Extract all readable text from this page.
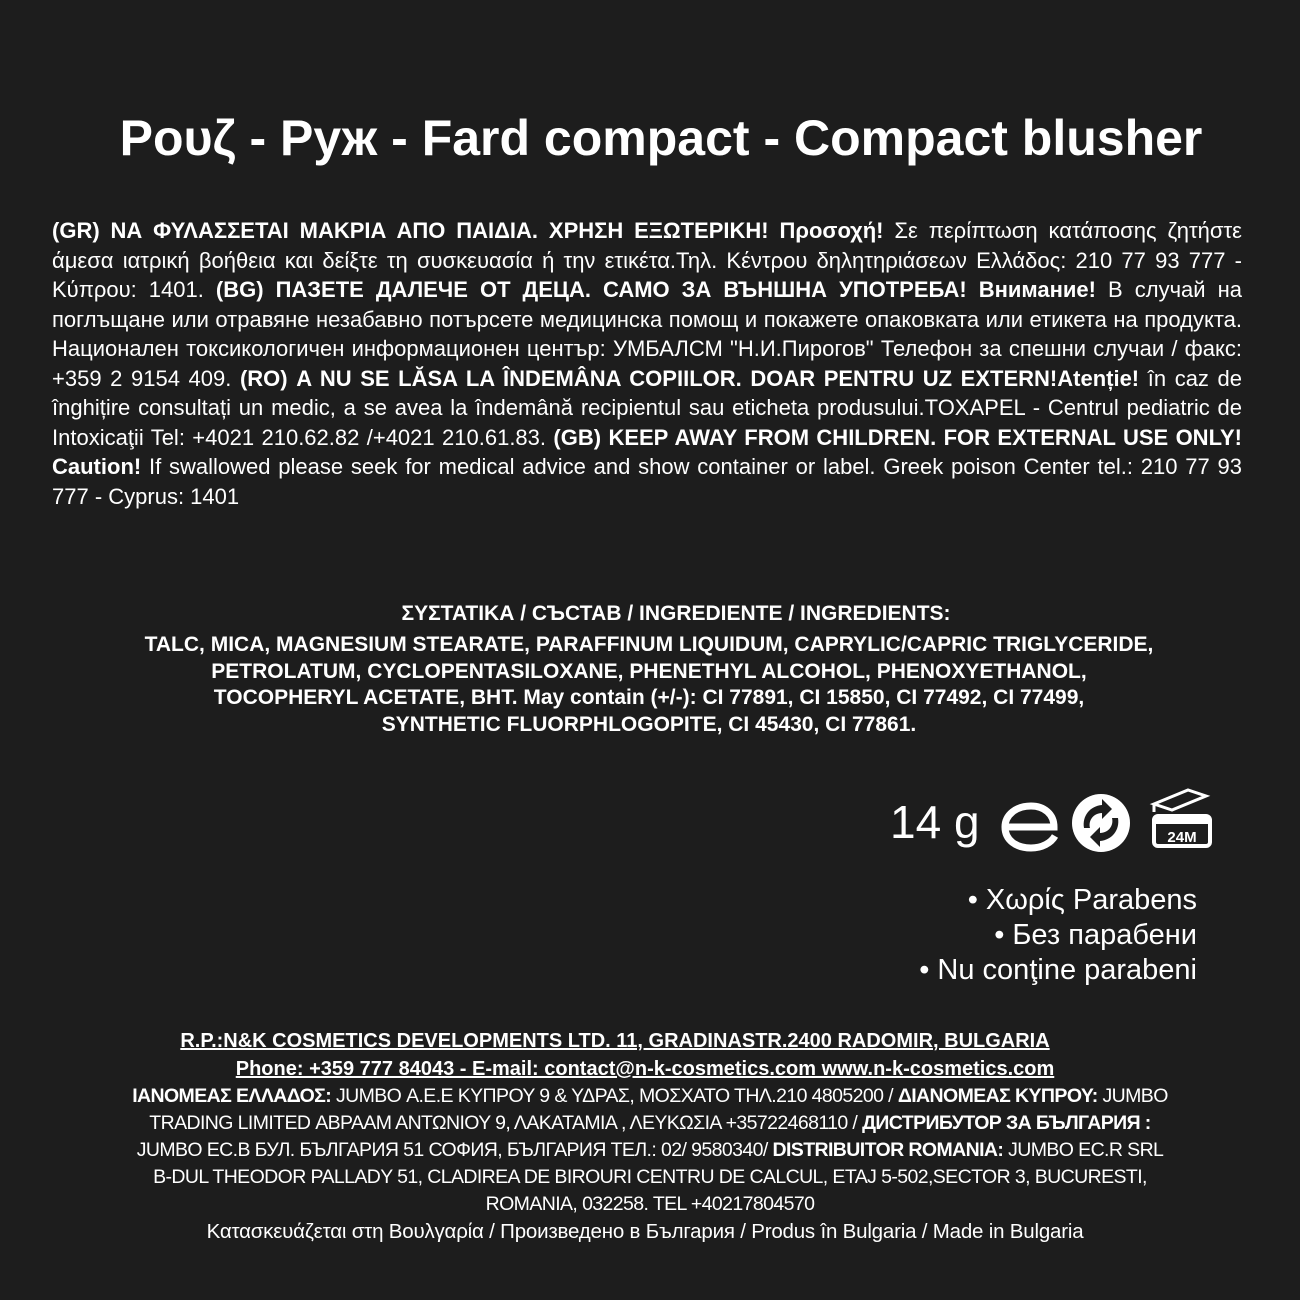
Ρουζ - Руж - Fard compact - Compact blusher
(GR) ΝΑ ΦΥΛΑΣΣΕΤΑΙ ΜΑΚΡΙΑ ΑΠΟ ΠΑΙΔΙΑ. ΧΡΗΣΗ ΕΞΩΤΕΡΙΚΗ! Προσοχή! Σε περίπτωση κατάποσης ζητήστε άμεσα ιατρική βοήθεια και δείξτε τη συσκευασία ή την ετικέτα.Τηλ. Κέντρου δηλητηριάσεων Ελλάδος: 210 77 93 777 - Κύπρου: 1401. (BG) ПАЗЕТЕ ДАЛЕЧЕ ОТ ДЕЦА. САМО ЗА ВЪНШНА УПОТРЕБА! Внимание! В случай на поглъщане или отравяне незабавно потърсете медицинска помощ и покажете опаковката или етикета на продукта. Национален токсикологичен информационен център: УМБАЛСМ "Н.И.Пирогов" Телефон за спешни случаи / факс: +359 2 9154 409. (RO) A NU SE LĂSA LA ÎNDEMÂNA COPIILOR. DOAR PENTRU UZ EXTERN!Atenție! în caz de înghițire consultați un medic, a se avea la îndemână recipientul sau eticheta produsului.TOXAPEL - Centrul pediatric de Intoxicaţii Tel: +4021 210.62.82 /+4021 210.61.83. (GB) KEEP AWAY FROM CHILDREN. FOR EXTERNAL USE ONLY! Caution! If swallowed please seek for medical advice and show container or label. Greek poison Center tel.: 210 77 93 777 - Cyprus: 1401
ΣΥΣΤΑΤΙΚΑ / СЪСТАВ / INGREDIENTE / INGREDIENTS:
TALC, MICA, MAGNESIUM STEARATE, PARAFFINUM LIQUIDUM, CAPRYLIC/CAPRIC TRIGLYCERIDE,
PETROLATUM, CYCLOPENTASILOXANE, PHENETHYL ALCOHOL, PHENOXYETHANOL,
TOCOPHERYL ACETATE, BHT. May contain (+/-): CI 77891, CI 15850, CI 77492, CI 77499,
SYNTHETIC FLUORPHLOGOPITE, CI 45430, CI 77861.
14 g	24M
• Χωρίς Parabens
• Без парабени
• Nu conţine parabeni
R.P.:N&K COSMETICS DEVELOPMENTS LTD. 11, GRADINASTR.2400 RADOMIR, BULGARIA
Phone: +359 777 84043 - E-mail: contact@n-k-cosmetics.com www.n-k-cosmetics.com
ΙΑΝΟΜΕΑΣ ΕΛΛΑΔΟΣ: JUMBO Α.Ε.Ε ΚΥΠΡΟΥ 9 & ΥΔΡΑΣ, ΜΟΣΧΑΤΟ ΤΗΛ.210 4805200 / ΔΙΑΝΟΜΕΑΣ ΚΥΠΡΟΥ: JUMBO
TRADING LIMITED ΑΒΡΑΑΜ ΑΝΤΩΝΙΟΥ 9, ΛΑΚΑΤΑΜΙΑ , ΛΕΥΚΩΣΙΑ +35722468110 / ДИСТРИБУТОР ЗА БЪЛГАРИЯ :
JUMBO EC.B БУЛ. БЪЛГАРИЯ 51 СОФИЯ, БЪЛГАРИЯ ТЕЛ.: 02/ 9580340/ DISTRIBUITOR ROMANIA: JUMBO EC.R SRL
B-DUL THEODOR PALLADY 51, CLADIREA DE BIROURI CENTRU DE CALCUL, ETAJ 5-502,SECTOR 3, BUCURESTI,
ROMANIA, 032258. TEL +40217804570
Κατασκευάζεται στη Βουλγαρία / Произведено в България / Produs în Bulgaria / Made in Bulgaria
